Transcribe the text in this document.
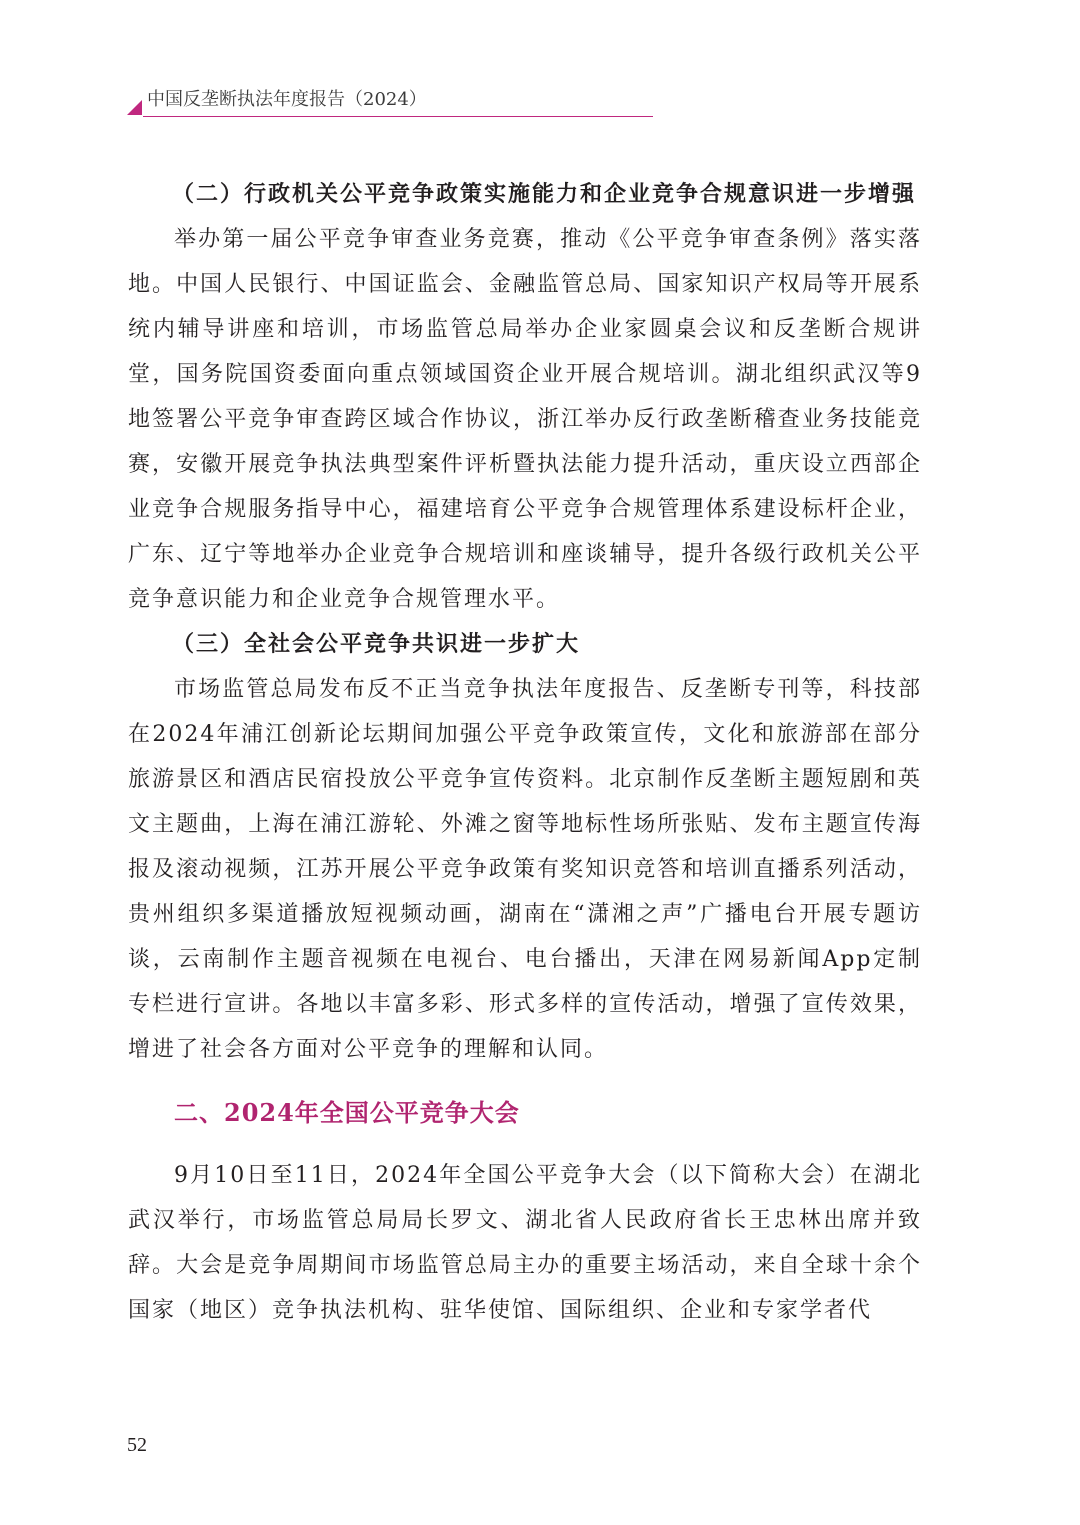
中国反垄断执法年度报告（2024）

（二）行政机关公平竞争政策实施能力和企业竞争合规意识进一步增强

举办第一届公平竞争审查业务竞赛，推动《公平竞争审查条例》落实落地。中国人民银行、中国证监会、金融监管总局、国家知识产权局等开展系统内辅导讲座和培训，市场监管总局举办企业家圆桌会议和反垄断合规讲堂，国务院国资委面向重点领域国资企业开展合规培训。湖北组织武汉等9地签署公平竞争审查跨区域合作协议，浙江举办反行政垄断稽查业务技能竞赛，安徽开展竞争执法典型案件评析暨执法能力提升活动，重庆设立西部企业竞争合规服务指导中心，福建培育公平竞争合规管理体系建设标杆企业，广东、辽宁等地举办企业竞争合规培训和座谈辅导，提升各级行政机关公平竞争意识能力和企业竞争合规管理水平。

（三）全社会公平竞争共识进一步扩大

市场监管总局发布反不正当竞争执法年度报告、反垄断专刊等，科技部在2024年浦江创新论坛期间加强公平竞争政策宣传，文化和旅游部在部分旅游景区和酒店民宿投放公平竞争宣传资料。北京制作反垄断主题短剧和英文主题曲，上海在浦江游轮、外滩之窗等地标性场所张贴、发布主题宣传海报及滚动视频，江苏开展公平竞争政策有奖知识竞答和培训直播系列活动，贵州组织多渠道播放短视频动画，湖南在“潇湘之声”广播电台开展专题访谈，云南制作主题音视频在电视台、电台播出，天津在网易新闻App定制专栏进行宣讲。各地以丰富多彩、形式多样的宣传活动，增强了宣传效果，增进了社会各方面对公平竞争的理解和认同。

二、2024年全国公平竞争大会

9月10日至11日，2024年全国公平竞争大会（以下简称大会）在湖北武汉举行，市场监管总局局长罗文、湖北省人民政府省长王忠林出席并致辞。大会是竞争周期间市场监管总局主办的重要主场活动，来自全球十余个国家（地区）竞争执法机构、驻华使馆、国际组织、企业和专家学者代

52
